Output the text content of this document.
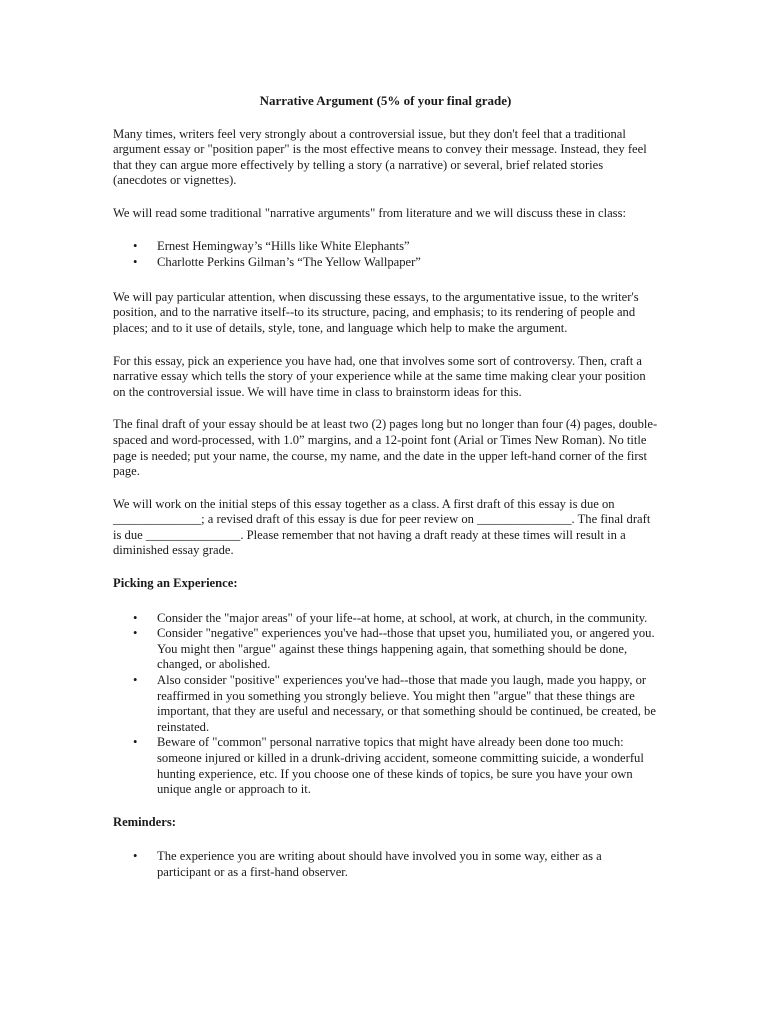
Narrative Argument (5% of your final grade)

Many times, writers feel very strongly about a controversial issue, but they don't feel that a traditional argument essay or "position paper" is the most effective means to convey their message. Instead, they feel that they can argue more effectively by telling a story (a narrative) or several, brief related stories (anecdotes or vignettes).

We will read some traditional "narrative arguments" from literature and we will discuss these in class:

• Ernest Hemingway’s “Hills like White Elephants”
• Charlotte Perkins Gilman’s “The Yellow Wallpaper”

We will pay particular attention, when discussing these essays, to the argumentative issue, to the writer's position, and to the narrative itself--to its structure, pacing, and emphasis; to its rendering of people and places; and to it use of details, style, tone, and language which help to make the argument.

For this essay, pick an experience you have had, one that involves some sort of controversy. Then, craft a narrative essay which tells the story of your experience while at the same time making clear your position on the controversial issue. We will have time in class to brainstorm ideas for this.

The final draft of your essay should be at least two (2) pages long but no longer than four (4) pages, double-spaced and word-processed, with 1.0” margins, and a 12-point font (Arial or Times New Roman). No title page is needed; put your name, the course, my name, and the date in the upper left-hand corner of the first page.

We will work on the initial steps of this essay together as a class. A first draft of this essay is due on ______________; a revised draft of this essay is due for peer review on _______________. The final draft is due _______________. Please remember that not having a draft ready at these times will result in a diminished essay grade.

Picking an Experience:
• Consider the "major areas" of your life--at home, at school, at work, at church, in the community.
• Consider "negative" experiences you've had--those that upset you, humiliated you, or angered you. You might then "argue" against these things happening again, that something should be done, changed, or abolished.
• Also consider "positive" experiences you've had--those that made you laugh, made you happy, or reaffirmed in you something you strongly believe. You might then "argue" that these things are important, that they are useful and necessary, or that something should be continued, be created, be reinstated.
• Beware of "common" personal narrative topics that might have already been done too much: someone injured or killed in a drunk-driving accident, someone committing suicide, a wonderful hunting experience, etc. If you choose one of these kinds of topics, be sure you have your own unique angle or approach to it.
Reminders:
• The experience you are writing about should have involved you in some way, either as a participant or as a first-hand observer.
